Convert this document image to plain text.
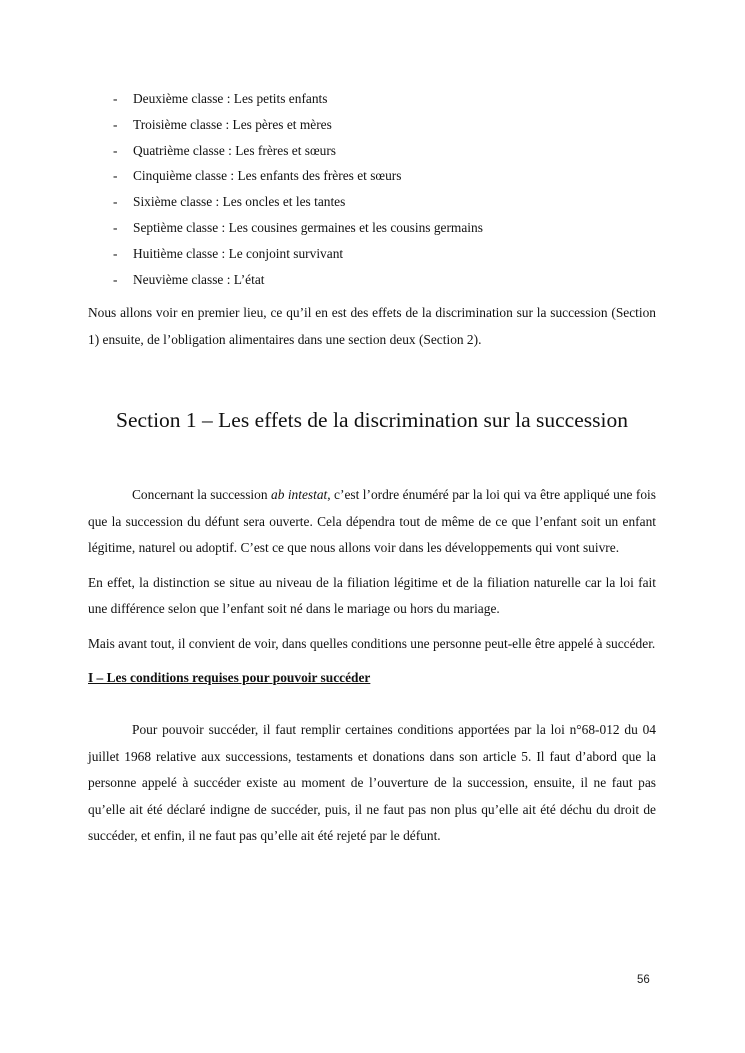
- Deuxième classe : Les petits enfants
- Troisième classe : Les pères et mères
- Quatrième classe : Les frères et sœurs
- Cinquième classe : Les enfants des frères et sœurs
- Sixième classe : Les oncles et les tantes
- Septième classe : Les cousines germaines et les cousins germains
- Huitième classe : Le conjoint survivant
- Neuvième classe : L’état

Nous allons voir en premier lieu, ce qu’il en est des effets de la discrimination sur la succession (Section 1) ensuite, de l’obligation alimentaires dans une section deux (Section 2).

Section 1 – Les effets de la discrimination sur la succession

Concernant la succession ab intestat, c’est l’ordre énuméré par la loi qui va être appliqué une fois que la succession du défunt sera ouverte. Cela dépendra tout de même de ce que l’enfant soit un enfant légitime, naturel ou adoptif. C’est ce que nous allons voir dans les développements qui vont suivre.

En effet, la distinction se situe au niveau de la filiation légitime et de la filiation naturelle car la loi fait une différence selon que l’enfant soit né dans le mariage ou hors du mariage.

Mais avant tout, il convient de voir, dans quelles conditions une personne peut-elle être appelé à succéder.

I – Les conditions requises pour pouvoir succéder

Pour pouvoir succéder, il faut remplir certaines conditions apportées par la loi n°68-012 du 04 juillet 1968 relative aux successions, testaments et donations dans son article 5. Il faut d’abord que la personne appelé à succéder existe au moment de l’ouverture de la succession, ensuite, il ne faut pas qu’elle ait été déclaré indigne de succéder, puis, il ne faut pas non plus qu’elle ait été déchu du droit de succéder, et enfin, il ne faut pas qu’elle ait été rejeté par le défunt.

56
